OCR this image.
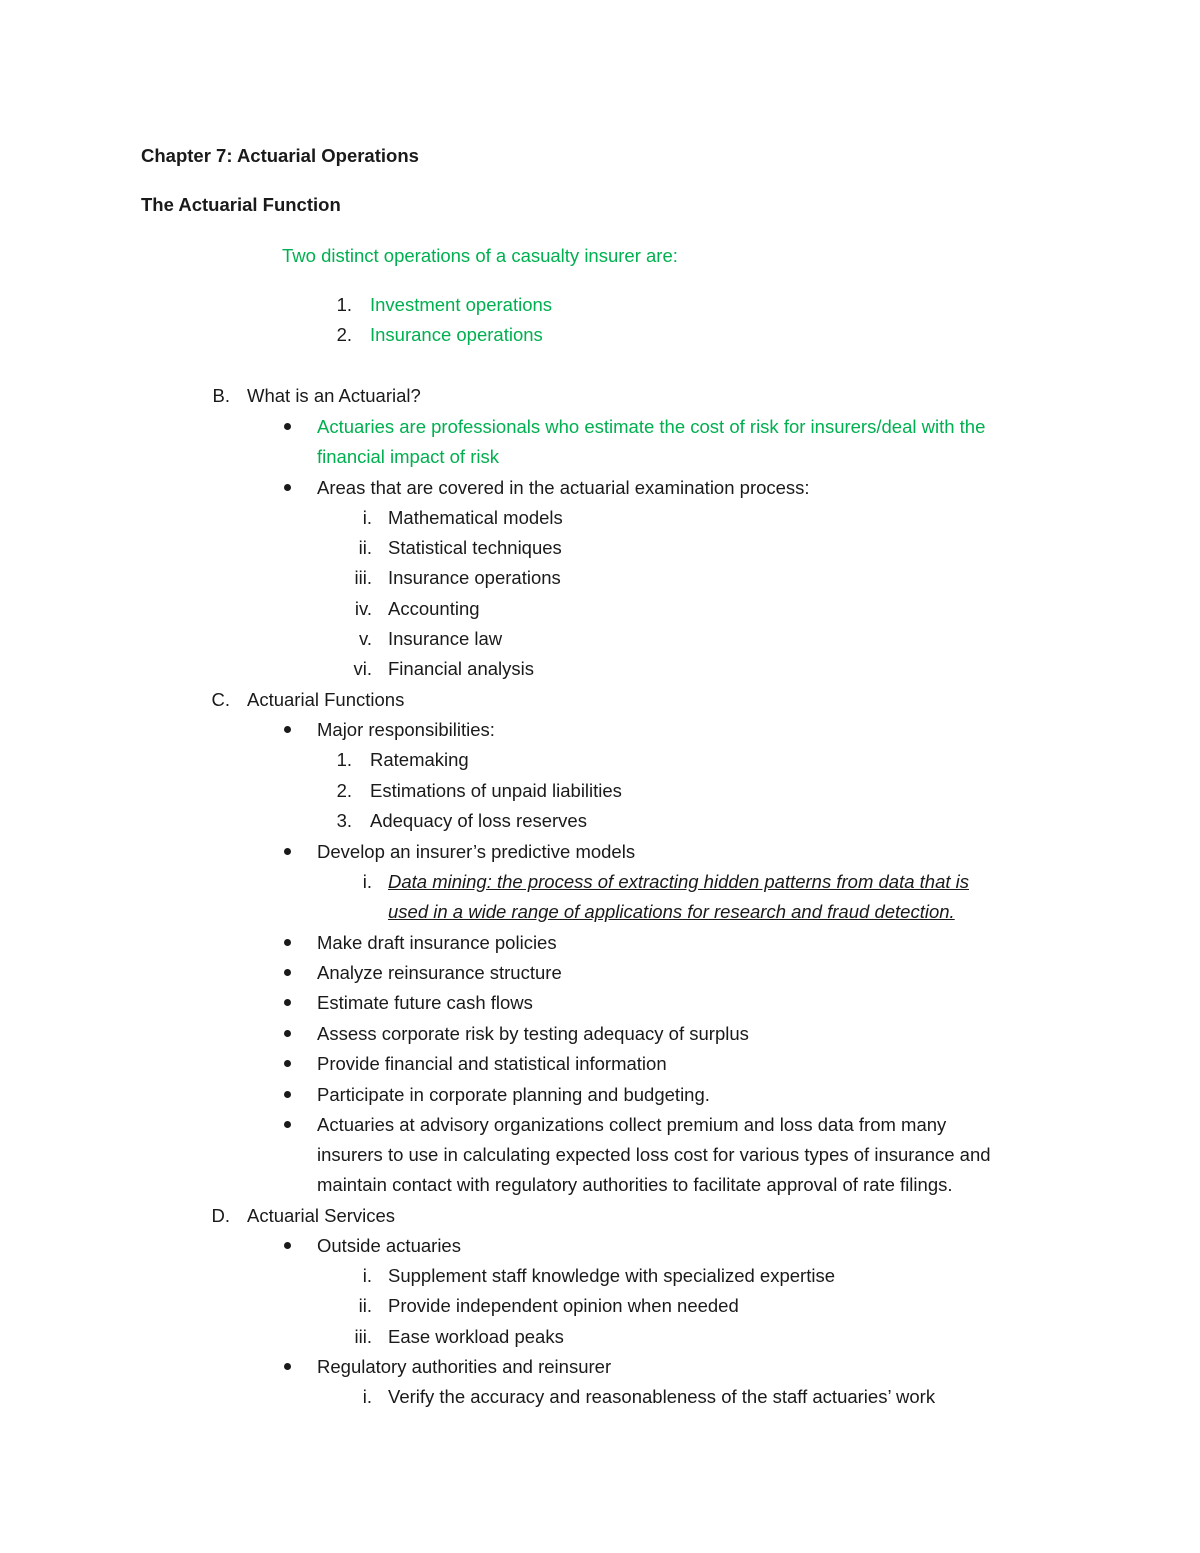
Chapter 7: Actuarial Operations
The Actuarial Function
Two distinct operations of a casualty insurer are:
1. Investment operations
2. Insurance operations
B. What is an Actuarial?
Actuaries are professionals who estimate the cost of risk for insurers/deal with the
financial impact of risk
Areas that are covered in the actuarial examination process:
i. Mathematical models
ii. Statistical techniques
iii. Insurance operations
iv. Accounting
v. Insurance law
vi. Financial analysis
C. Actuarial Functions
Major responsibilities:
1. Ratemaking
2. Estimations of unpaid liabilities
3. Adequacy of loss reserves
Develop an insurer’s predictive models
i. Data mining: the process of extracting hidden patterns from data that is
used in a wide range of applications for research and fraud detection.
Make draft insurance policies
Analyze reinsurance structure
Estimate future cash flows
Assess corporate risk by testing adequacy of surplus
Provide financial and statistical information
Participate in corporate planning and budgeting.
Actuaries at advisory organizations collect premium and loss data from many
insurers to use in calculating expected loss cost for various types of insurance and
maintain contact with regulatory authorities to facilitate approval of rate filings.
D. Actuarial Services
Outside actuaries
i. Supplement staff knowledge with specialized expertise
ii. Provide independent opinion when needed
iii. Ease workload peaks
Regulatory authorities and reinsurer
i. Verify the accuracy and reasonableness of the staff actuaries’ work
